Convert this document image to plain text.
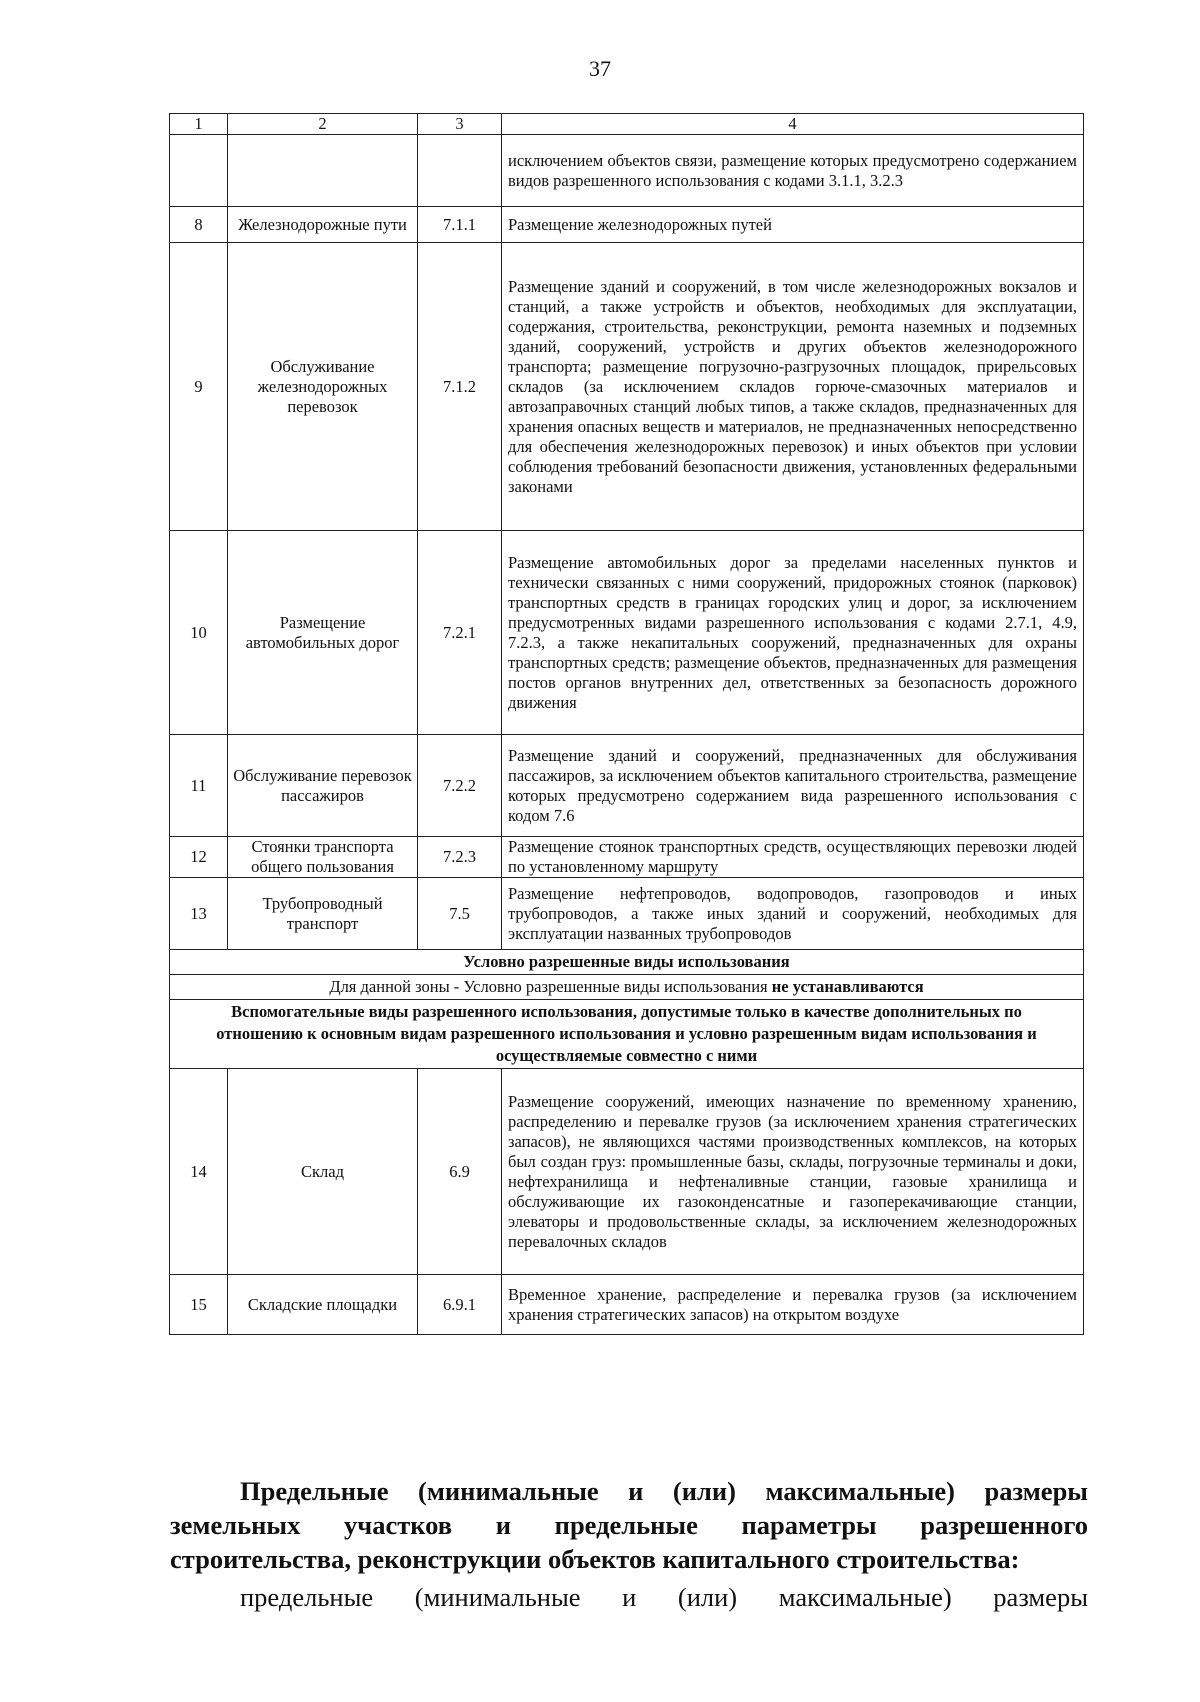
37
1	2	3	4
			исключением объектов связи, размещение которых предусмотрено содержанием видов разрешенного использования с кодами 3.1.1, 3.2.3
8	Железнодорожные пути	7.1.1	Размещение железнодорожных путей
9	Обслуживание железнодорожных перевозок	7.1.2	Размещение зданий и сооружений, в том числе железнодорожных вокзалов и станций, а также устройств и объектов, необходимых для эксплуатации, содержания, строительства, реконструкции, ремонта наземных и подземных зданий, сооружений, устройств и других объектов железнодорожного транспорта; размещение погрузочно-разгрузочных площадок, прирельсовых складов (за исключением складов горюче-смазочных материалов и автозаправочных станций любых типов, а также складов, предназначенных для хранения опасных веществ и материалов, не предназначенных непосредственно для обеспечения железнодорожных перевозок) и иных объектов при условии соблюдения требований безопасности движения, установленных федеральными законами
10	Размещение автомобильных дорог	7.2.1	Размещение автомобильных дорог за пределами населенных пунктов и технически связанных с ними сооружений, придорожных стоянок (парковок) транспортных средств в границах городских улиц и дорог, за исключением предусмотренных видами разрешенного использования с кодами 2.7.1, 4.9, 7.2.3, а также некапитальных сооружений, предназначенных для охраны транспортных средств; размещение объектов, предназначенных для размещения постов органов внутренних дел, ответственных за безопасность дорожного движения
11	Обслуживание перевозок пассажиров	7.2.2	Размещение зданий и сооружений, предназначенных для обслуживания пассажиров, за исключением объектов капитального строительства, размещение которых предусмотрено содержанием вида разрешенного использования с кодом 7.6
12	Стоянки транспорта общего пользования	7.2.3	Размещение стоянок транспортных средств, осуществляющих перевозки людей по установленному маршруту
13	Трубопроводный транспорт	7.5	Размещение нефтепроводов, водопроводов, газопроводов и иных трубопроводов, а также иных зданий и сооружений, необходимых для эксплуатации названных трубопроводов
Условно разрешенные виды использования			
Для данной зоны - Условно разрешенные виды использования не устанавливаются			
Вспомогательные виды разрешенного использования, допустимые только в качестве дополнительных по отношению к основным видам разрешенного использования и условно разрешенным видам использования и осуществляемые совместно с ними			
14	Склад	6.9	Размещение сооружений, имеющих назначение по временному хранению, распределению и перевалке грузов (за исключением хранения стратегических запасов), не являющихся частями производственных комплексов, на которых был создан груз: промышленные базы, склады, погрузочные терминалы и доки, нефтехранилища и нефтеналивные станции, газовые хранилища и обслуживающие их газоконденсатные и газоперекачивающие станции, элеваторы и продовольственные склады, за исключением железнодорожных перевалочных складов
15	Складские площадки	6.9.1	Временное хранение, распределение и перевалка грузов (за исключением хранения стратегических запасов) на открытом воздухе
Предельные (минимальные и (или) максимальные) размеры земельных участков и предельные параметры разрешенного строительства, реконструкции объектов капитального строительства:
предельные (минимальные и (или) максимальные) размеры
